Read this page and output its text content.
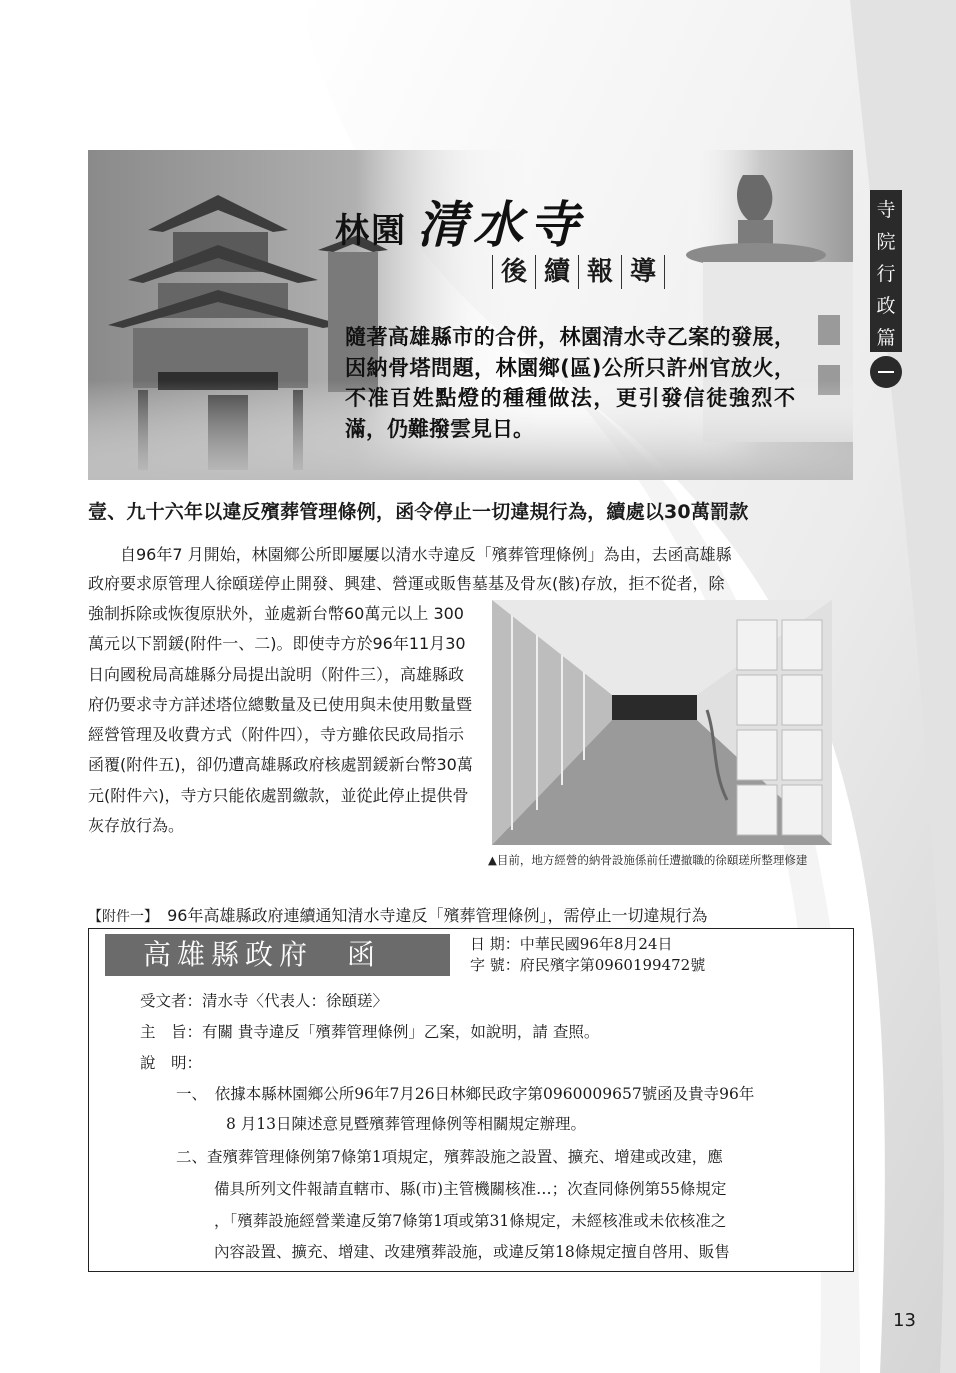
林園 清水寺
後 續 報 導
隨著高雄縣市的合併，林園清水寺乙案的發展，因納骨塔問題，林園鄉(區)公所只許州官放火，不准百姓點燈的種種做法，更引發信徒強烈不滿，仍難撥雲見日。
寺院行政篇
壹、九十六年以違反殯葬管理條例，函令停止一切違規行為，續處以30萬罰款
自96年7 月開始，林園鄉公所即屢屢以清水寺違反「殯葬管理條例」為由，去函高雄縣
政府要求原管理人徐頤瑳停止開發、興建、營運或販售墓基及骨灰(骸)存放，拒不從者，除
強制拆除或恢復原狀外，並處新台幣60萬元以上 300 萬元以下罰鍰(附件一、二)。即使寺方於96年11月30日向國稅局高雄縣分局提出說明（附件三），高雄縣政府仍要求寺方詳述塔位總數量及已使用與未使用數量暨經營管理及收費方式（附件四），寺方雖依民政局指示函覆(附件五)，卻仍遭高雄縣政府核處罰鍰新台幣30萬元(附件六)，寺方只能依處罰繳款，並從此停止提供骨灰存放行為。
▲目前，地方經營的納骨設施係前任遭撤職的徐頤瑳所整理修建
【附件一】 96年高雄縣政府連續通知清水寺違反「殯葬管理條例」，需停止一切違規行為
高雄縣政府　函	日 期：中華民國96年8月24日
字 號：府民殯字第0960199472號
受文者：清水寺〈代表人：徐頤瑳〉
主　旨：有關 貴寺違反「殯葬管理條例」乙案，如說明，請 查照。
說　明：
一、　依據本縣林園鄉公所96年7月26日林鄉民政字第0960009657號函及貴寺96年
8 月13日陳述意見暨殯葬管理條例等相關規定辦理。
二、查殯葬管理條例第7條第1項規定，殯葬設施之設置、擴充、增建或改建，應
備具所列文件報請直轄市、縣(市)主管機關核准…；次查同條例第55條規定
，「殯葬設施經營業違反第7條第1項或第31條規定，未經核准或未依核准之
內容設置、擴充、增建、改建殯葬設施，或違反第18條規定擅自啓用、販售
13
